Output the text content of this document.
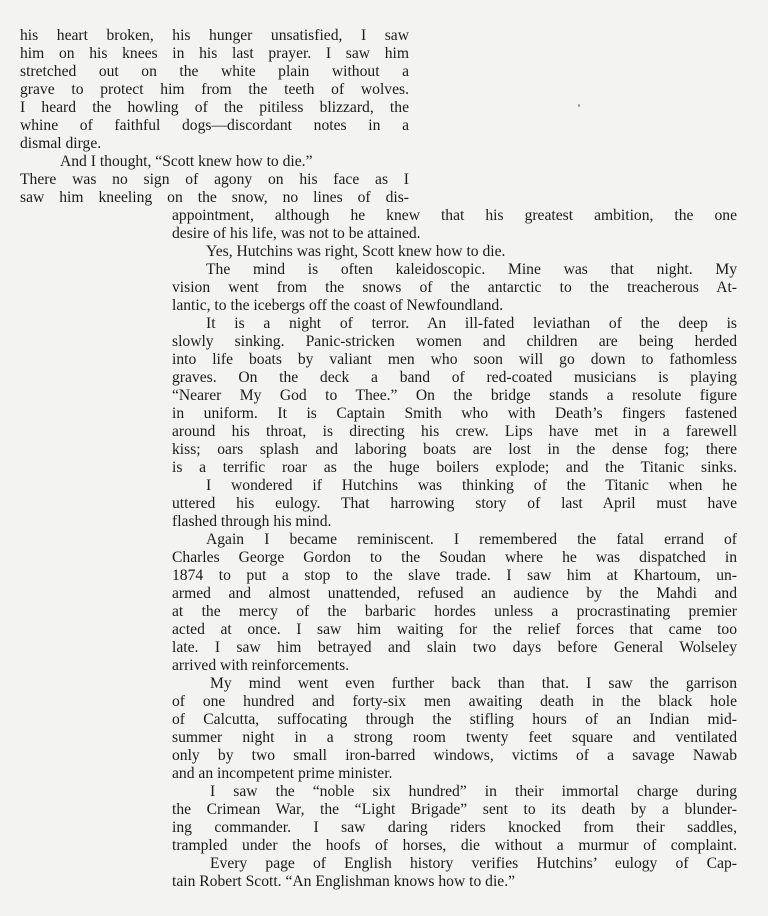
his heart broken, his hunger unsatisfied, I saw
him on his knees in his last prayer. I saw him
stretched out on the white plain without a
grave to protect him from the teeth of wolves.
I heard the howling of the pitiless blizzard, the
whine of faithful dogs—discordant notes in a
dismal dirge.
And I thought, “Scott knew how to die.”
There was no sign of agony on his face as I
saw him kneeling on the snow, no lines of dis-
appointment, although he knew that his greatest ambition, the one
desire of his life, was not to be attained.
Yes, Hutchins was right, Scott knew how to die.
The mind is often kaleidoscopic. Mine was that night. My
vision went from the snows of the antarctic to the treacherous At-
lantic, to the icebergs off the coast of Newfoundland.
It is a night of terror. An ill-fated leviathan of the deep is
slowly sinking. Panic-stricken women and children are being herded
into life boats by valiant men who soon will go down to fathomless
graves. On the deck a band of red-coated musicians is playing
“Nearer My God to Thee.” On the bridge stands a resolute figure
in uniform. It is Captain Smith who with Death’s fingers fastened
around his throat, is directing his crew. Lips have met in a farewell
kiss; oars splash and laboring boats are lost in the dense fog; there
is a terrific roar as the huge boilers explode; and the Titanic sinks.
I wondered if Hutchins was thinking of the Titanic when he
uttered his eulogy. That harrowing story of last April must have
flashed through his mind.
Again I became reminiscent. I remembered the fatal errand of
Charles George Gordon to the Soudan where he was dispatched in
1874 to put a stop to the slave trade. I saw him at Khartoum, un-
armed and almost unattended, refused an audience by the Mahdi and
at the mercy of the barbaric hordes unless a procrastinating premier
acted at once. I saw him waiting for the relief forces that came too
late. I saw him betrayed and slain two days before General Wolseley
arrived with reinforcements.
My mind went even further back than that. I saw the garrison
of one hundred and forty-six men awaiting death in the black hole
of Calcutta, suffocating through the stifling hours of an Indian mid-
summer night in a strong room twenty feet square and ventilated
only by two small iron-barred windows, victims of a savage Nawab
and an incompetent prime minister.
I saw the “noble six hundred” in their immortal charge during
the Crimean War, the “Light Brigade” sent to its death by a blunder-
ing commander. I saw daring riders knocked from their saddles,
trampled under the hoofs of horses, die without a murmur of complaint.
Every page of English history verifies Hutchins’ eulogy of Cap-
tain Robert Scott. “An Englishman knows how to die.”
